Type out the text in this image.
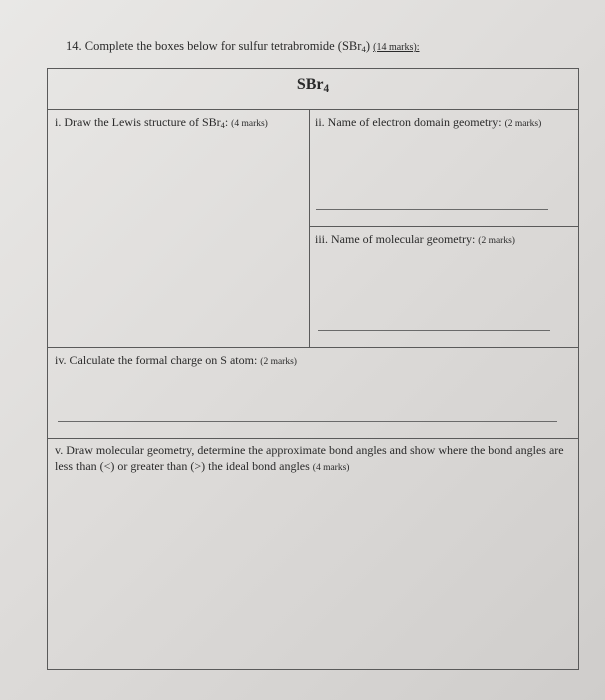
14. Complete the boxes below for sulfur tetrabromide (SBr$_4$) (14 marks):
SBr$_4$
i. Draw the Lewis structure of SBr$_4$: (4 marks)	ii. Name of electron domain geometry: (2 marks)
iii. Name of molecular geometry: (2 marks)
iv. Calculate the formal charge on S atom: (2 marks)
v. Draw molecular geometry, determine the approximate bond angles and show where the bond angles are less than (<) or greater than (>) the ideal bond angles (4 marks)
